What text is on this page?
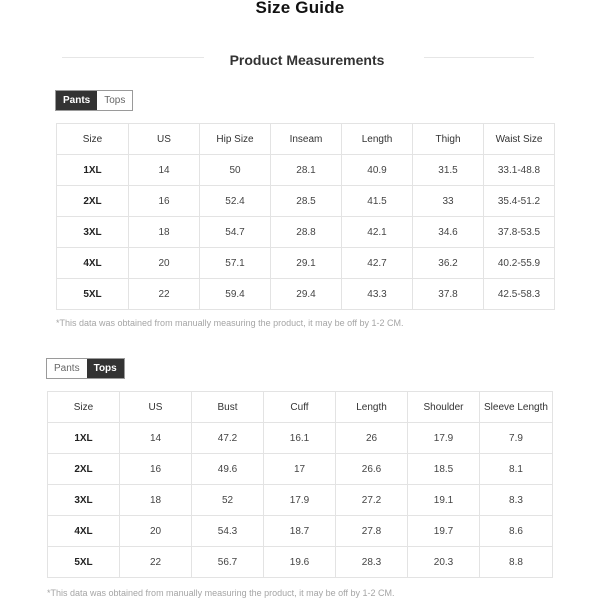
Size Guide
Product Measurements
Pants	Tops
Size	US	Hip Size	Inseam	Length	Thigh	Waist Size
1XL	14	50	28.1	40.9	31.5	33.1-48.8
2XL	16	52.4	28.5	41.5	33	35.4-51.2
3XL	18	54.7	28.8	42.1	34.6	37.8-53.5
4XL	20	57.1	29.1	42.7	36.2	40.2-55.9
5XL	22	59.4	29.4	43.3	37.8	42.5-58.3
*This data was obtained from manually measuring the product, it may be off by 1-2 CM.
Pants	Tops
Size	US	Bust	Cuff	Length	Shoulder	Sleeve Length
1XL	14	47.2	16.1	26	17.9	7.9
2XL	16	49.6	17	26.6	18.5	8.1
3XL	18	52	17.9	27.2	19.1	8.3
4XL	20	54.3	18.7	27.8	19.7	8.6
5XL	22	56.7	19.6	28.3	20.3	8.8
*This data was obtained from manually measuring the product, it may be off by 1-2 CM.
